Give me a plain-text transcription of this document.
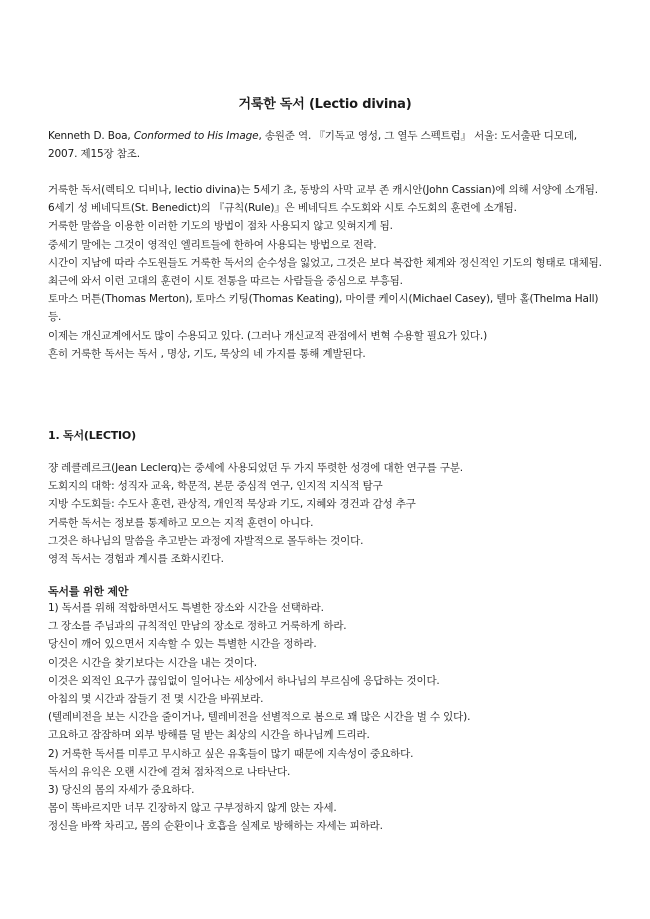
거룩한 독서 (Lectio divina)

Kenneth D. Boa, Conformed to His Image, 송원준 역. 『기독교 영성, 그 열두 스펙트럼』 서울: 도서출판 디모데, 2007. 제15장 참조.

거룩한 독서(렉티오 디비나, lectio divina)는 5세기 초, 동방의 사막 교부 존 캐시안(John Cassian)에 의해 서양에 소개됨.

6세기 성 베네딕트(St. Benedict)의 『규칙(Rule)』은 베네딕트 수도회와 시토 수도회의 훈련에 소개됨.

거룩한 말씀을 이용한 이러한 기도의 방법이 점차 사용되지 않고 잊혀지게 됨.

중세기 말에는 그것이 영적인 엘리트들에 한하여 사용되는 방법으로 전락.

시간이 지남에 따라 수도원들도 거룩한 독서의 순수성을 잃었고, 그것은 보다 복잡한 체계와 정신적인 기도의 형태로 대체됨.

최근에 와서 이런 고대의 훈련이 시토 전통을 따르는 사람들을 중심으로 부흥됨.

토마스 머튼(Thomas Merton), 토마스 키팅(Thomas Keating), 마이클 케이시(Michael Casey), 텔마 홀(Thelma Hall) 등.

이제는 개신교계에서도 많이 수용되고 있다. (그러나 개신교적 관점에서 변혁 수용할 필요가 있다.)

흔히 거룩한 독서는 독서 , 명상, 기도, 묵상의 네 가지를 통해 계발된다.

1. 독서(LECTIO)

쟝 레클레르크(Jean Leclerq)는 중세에 사용되었던 두 가지 뚜렷한 성경에 대한 연구를 구분.

도회지의 대학: 성직자 교육, 학문적, 본문 중심적 연구, 인지적 지식적 탐구

지방 수도회들: 수도사 훈련, 관상적, 개인적 묵상과 기도, 지혜와 경건과 감성 추구

거룩한 독서는 정보를 통제하고 모으는 지적 훈련이 아니다.

그것은 하나님의 말씀을 추고받는 과정에 자발적으로 몰두하는 것이다.

영적 독서는 경험과 계시를 조화시킨다.

독서를 위한 제안

1) 독서를 위해 적합하면서도 특별한 장소와 시간을 선택하라.

그 장소를 주님과의 규칙적인 만남의 장소로 정하고 거룩하게 하라.

당신이 깨어 있으면서 지속할 수 있는 특별한 시간을 정하라.

이것은 시간을 찾기보다는 시간을 내는 것이다.

이것은 외적인 요구가 끊임없이 일어나는 세상에서 하나님의 부르심에 응답하는 것이다.

아침의 몇 시간과 잠들기 전 몇 시간을 바꿔보라.

(텔레비전을 보는 시간을 줄이거나, 텔레비전을 선별적으로 봄으로 꽤 많은 시간을 벌 수 있다).

고요하고 잠잠하며 외부 방해를 덜 받는 최상의 시간을 하나님께 드리라.

2) 거룩한 독서를 미루고 무시하고 싶은 유혹들이 많기 때문에 지속성이 중요하다.

독서의 유익은 오랜 시간에 걸쳐 점차적으로 나타난다.

3) 당신의 몸의 자세가 중요하다.

몸이 똑바르지만 너무 긴장하지 않고 구부정하지 않게 앉는 자세.

정신을 바짝 차리고, 몸의 순환이나 호흡을 실제로 방해하는 자세는 피하라.
